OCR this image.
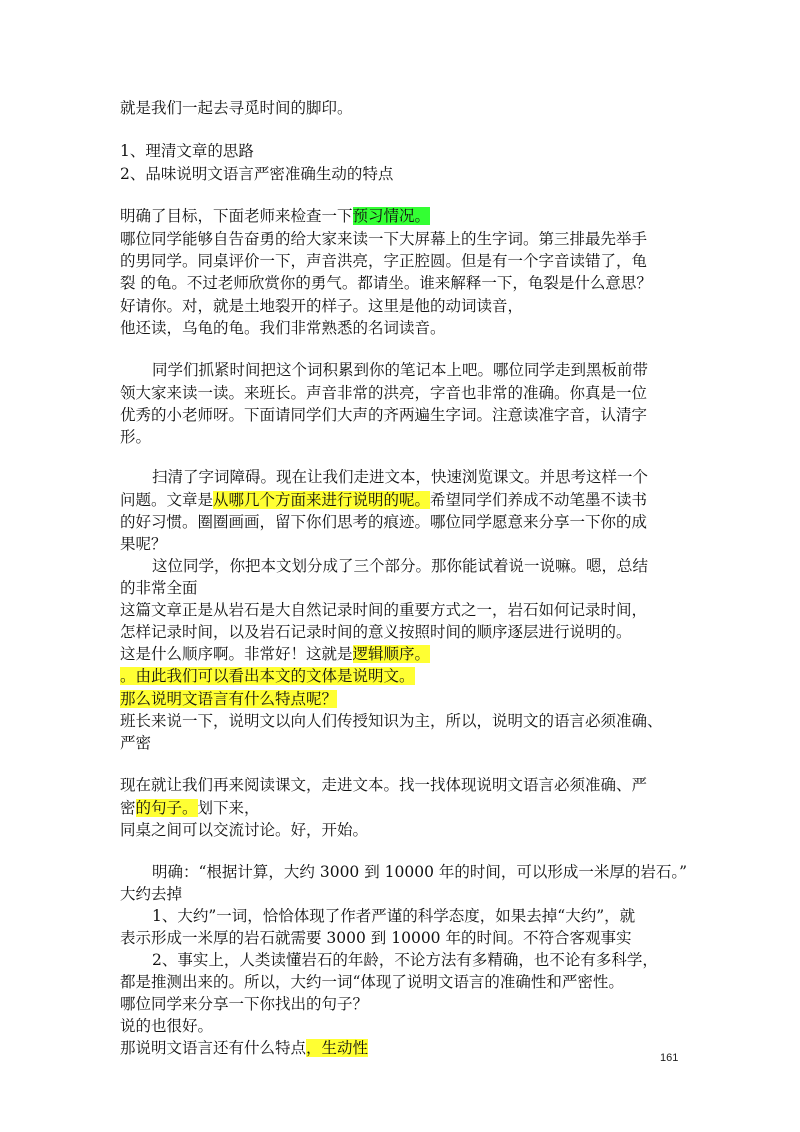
就是我们一起去寻觅时间的脚印。
1、理清文章的思路
2、品味说明文语言严密准确生动的特点
明确了目标，下面老师来检查一下预习情况。
哪位同学能够自告奋勇的给大家来读一下大屏幕上的生字词。第三排最先举手
的男同学。同桌评价一下，声音洪亮，字正腔圆。但是有一个字音读错了，龟
裂 的龟。不过老师欣赏你的勇气。都请坐。谁来解释一下，龟裂是什么意思？
好请你。对，就是土地裂开的样子。这里是他的动词读音，
他还读，乌龟的龟。我们非常熟悉的名词读音。
同学们抓紧时间把这个词积累到你的笔记本上吧。哪位同学走到黑板前带
领大家来读一读。来班长。声音非常的洪亮，字音也非常的准确。你真是一位
优秀的小老师呀。下面请同学们大声的齐两遍生字词。注意读准字音，认清字
形。
扫清了字词障碍。现在让我们走进文本，快速浏览课文。并思考这样一个
问题。文章是从哪几个方面来进行说明的呢。希望同学们养成不动笔墨不读书
的好习惯。圈圈画画，留下你们思考的痕迹。哪位同学愿意来分享一下你的成
果呢？
这位同学，你把本文划分成了三个部分。那你能试着说一说嘛。嗯，总结
的非常全面
这篇文章正是从岩石是大自然记录时间的重要方式之一，岩石如何记录时间，
怎样记录时间，以及岩石记录时间的意义按照时间的顺序逐层进行说明的。
这是什么顺序啊。非常好！这就是逻辑顺序。
。由此我们可以看出本文的文体是说明文。
那么说明文语言有什么特点呢？
班长来说一下，说明文以向人们传授知识为主，所以，说明文的语言必须准确、
严密
现在就让我们再来阅读课文，走进文本。找一找体现说明文语言必须准确、严
密的句子。划下来，
同桌之间可以交流讨论。好，开始。
明确：“根据计算，大约 3000 到 10000 年的时间，可以形成一米厚的岩石。”
大约去掉
1、大约”一词，恰恰体现了作者严谨的科学态度，如果去掉“大约”，就
表示形成一米厚的岩石就需要 3000 到 10000 年的时间。不符合客观事实
2、事实上，人类读懂岩石的年龄，不论方法有多精确，也不论有多科学，
都是推测出来的。所以，大约一词“体现了说明文语言的准确性和严密性。
哪位同学来分享一下你找出的句子？
说的也很好。
那说明文语言还有什么特点，生动性
161
